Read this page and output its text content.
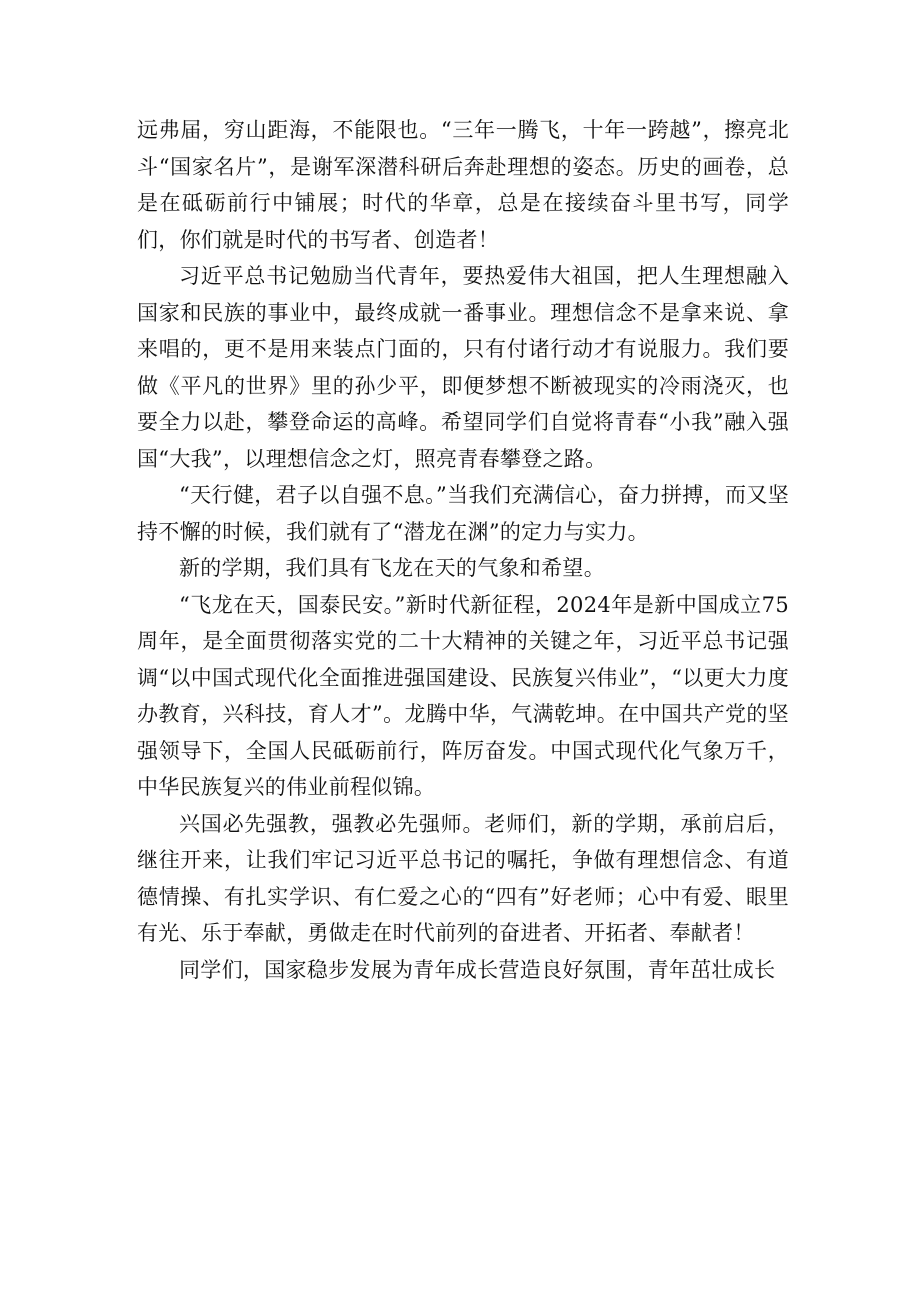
远弗届，穷山距海，不能限也。“三年一腾飞，十年一跨越”，擦亮北斗“国家名片”，是谢军深潜科研后奔赴理想的姿态。历史的画卷，总是在砥砺前行中铺展；时代的华章，总是在接续奋斗里书写，同学们，你们就是时代的书写者、创造者！

习近平总书记勉励当代青年，要热爱伟大祖国，把人生理想融入国家和民族的事业中，最终成就一番事业。理想信念不是拿来说、拿来唱的，更不是用来装点门面的，只有付诸行动才有说服力。我们要做《平凡的世界》里的孙少平，即便梦想不断被现实的冷雨浇灭，也要全力以赴，攀登命运的高峰。希望同学们自觉将青春“小我”融入强国“大我”，以理想信念之灯，照亮青春攀登之路。

“天行健，君子以自强不息。”当我们充满信心，奋力拼搏，而又坚持不懈的时候，我们就有了“潜龙在渊”的定力与实力。

新的学期，我们具有飞龙在天的气象和希望。

“飞龙在天，国泰民安。”新时代新征程，2024年是新中国成立75周年，是全面贯彻落实党的二十大精神的关键之年，习近平总书记强调“以中国式现代化全面推进强国建设、民族复兴伟业”，“以更大力度办教育，兴科技，育人才”。龙腾中华，气满乾坤。在中国共产党的坚强领导下，全国人民砥砺前行，阵厉奋发。中国式现代化气象万千，中华民族复兴的伟业前程似锦。

兴国必先强教，强教必先强师。老师们，新的学期，承前启后，继往开来，让我们牢记习近平总书记的嘱托，争做有理想信念、有道德情操、有扎实学识、有仁爱之心的“四有”好老师；心中有爱、眼里有光、乐于奉献，勇做走在时代前列的奋进者、开拓者、奉献者！

同学们，国家稳步发展为青年成长营造良好氛围，青年茁壮成长
